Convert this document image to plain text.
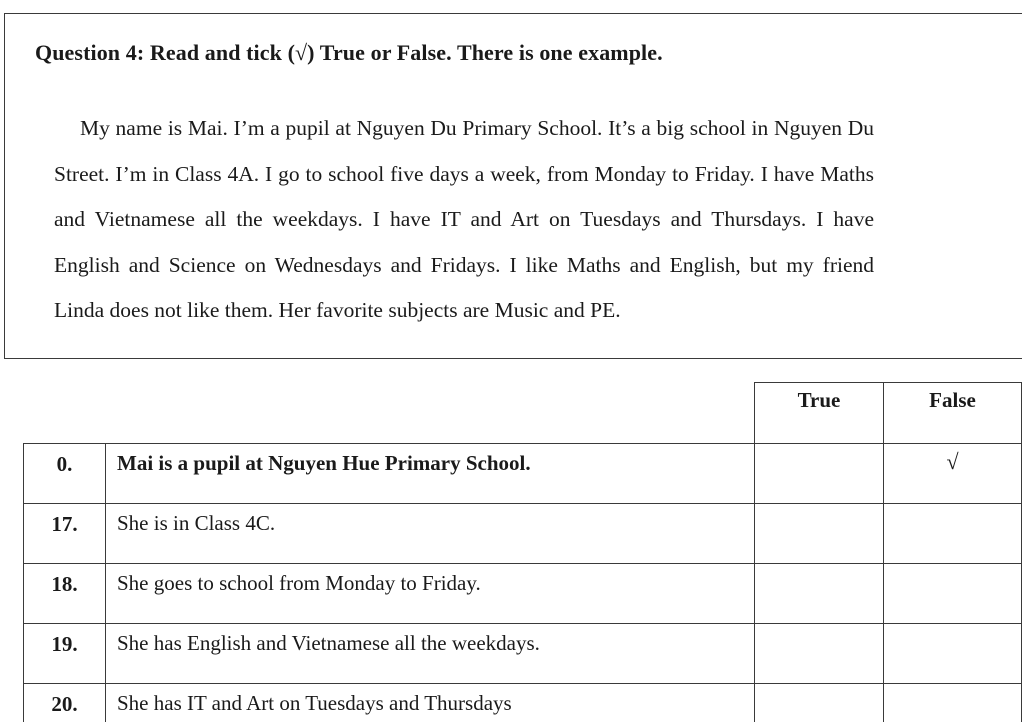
Question 4: Read and tick (√) True or False. There is one example.
My name is Mai. I’m a pupil at Nguyen Du Primary School. It’s a big school in Nguyen Du Street. I’m in Class 4A. I go to school five days a week, from Monday to Friday. I have Maths and Vietnamese all the weekdays. I have IT and Art on Tuesdays and Thursdays. I have English and Science on Wednesdays and Fridays. I like Maths and English, but my friend Linda does not like them. Her favorite subjects are Music and PE.
		True	False
0.	Mai is a pupil at Nguyen Hue Primary School.		√
17.	She is in Class 4C.		
18.	She goes to school from Monday to Friday.		
19.	She has English and Vietnamese all the weekdays.		
20.	She has IT and Art on Tuesdays and Thursdays		
